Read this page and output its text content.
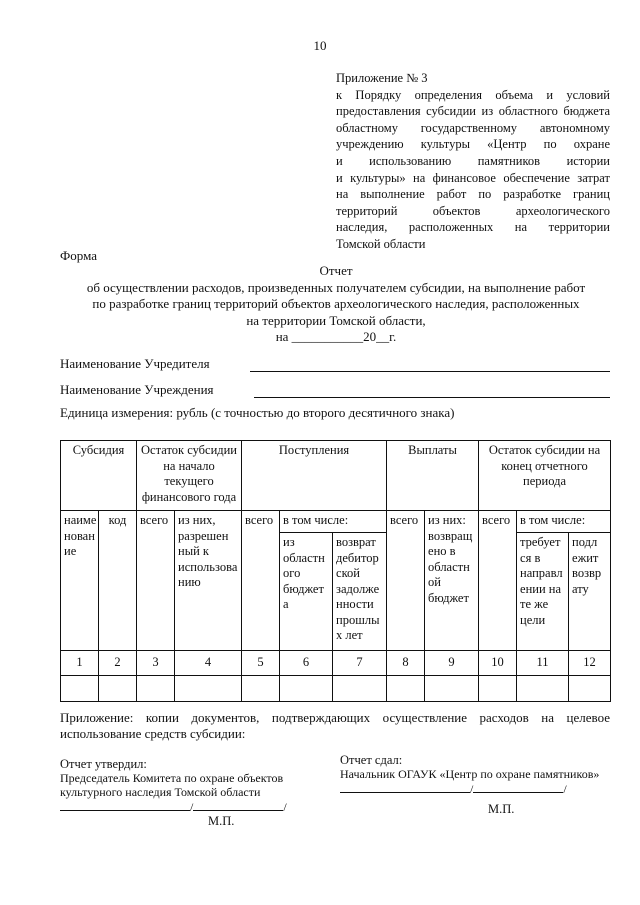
10
Приложение № 3
к Порядку определения объема и условий
предоставления субсидии из областного бюджета
областному государственному автономному
учреждению культуры «Центр по охране
и использованию памятников истории
и культуры» на финансовое обеспечение затрат
на выполнение работ по разработке границ
территорий объектов археологического
наследия, расположенных на территории
Томской области
Форма
Отчет
об осуществлении расходов, произведенных получателем субсидии, на выполнение работ
по разработке границ территорий объектов археологического наследия, расположенных
на территории Томской области,
на ___________20__г.
Наименование Учредителя
Наименование Учреждения
Единица измерения: рубль (с точностью до второго десятичного знака)
Субсидия		Остаток субсидии на начало текущего финансового года		Поступления			Выплаты		Остаток субсидии на конец отчетного периода		
наиме нован ие	код	всего	из них, разрешен ный к использова нию	всего	в том числе:		всего	из них: возвращ ено в областн ой бюджет	всего	в том числе:	
					из областн ого бюджет а	возврат дебитор ской задолже нности прошлы х лет				требует ся в направл ении на те же цели	подл ежит возвр ату
1	2	3	4	5	6	7	8	9	10	11	12

Приложение: копии документов, подтверждающих осуществление расходов на целевое
использование средств субсидии:
Отчет утвердил:
Председатель Комитета по охране объектов культурного наследия Томской области
/	/
М.П.
Отчет сдал:
Начальник ОГАУК «Центр по охране памятников»
/	/
М.П.
